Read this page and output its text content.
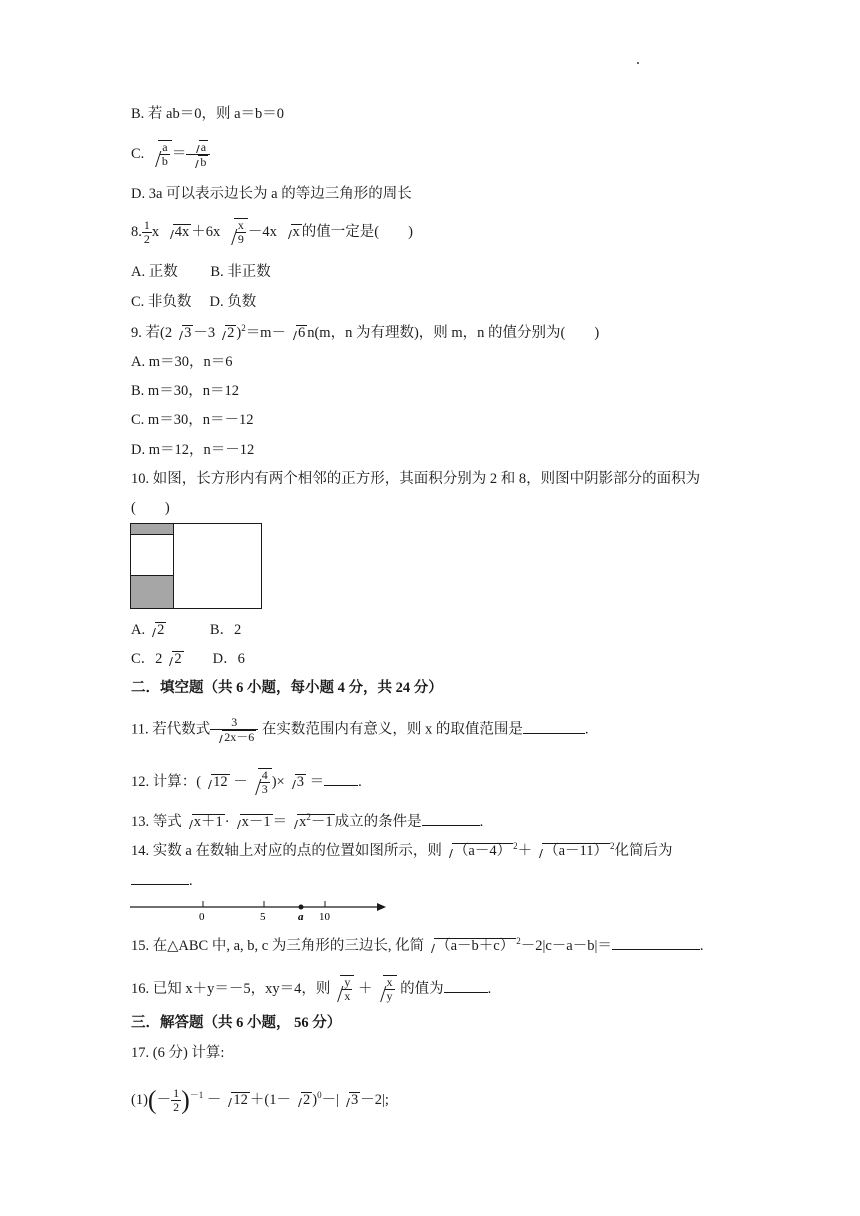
B. 若 ab＝0，则 a＝b＝0
C. $\frac{a}{b} = \frac{a}{b}$
D. 3a 可以表示边长为 a 的等边三角形的周长
8. $\frac{1}{2}$ x $4x +6x \frac{x}{9} -4x$ x 的值一定是(　　)
A. 正数　　 B. 非正数
C. 非负数　 D. 负数
9. 若(2 3 －3 2 )$^2$＝m－ 6 n(m，n 为有理数)，则 m，n 的值分别为(　　)
A. m＝30，n＝6
B. m＝30，n＝12
C. m＝30，n＝－12
D. m＝12，n＝－12
10. 如图，长方形内有两个相邻的正方形，其面积分别为 2 和 8，则图中阴影部分的面积为
(　　)
A. 2　　　B．2
C．2 2　　D．6
二．填空题（共 6 小题，每小题 4 分，共 24 分）
11. 若代数式 $\frac{3}{2x-6}$ 在实数范围内有意义，则 x 的取值范围是	.
12. 计算：( $12 - \frac{4}{3}$ )× 3 ＝ .
13. 等式 $x+1 \cdot x-1 = x^2-1$ 成立的条件是	.
14. 实数 a 在数轴上对应的点的位置如图所示，则 （a－4） $^2$＋ （a－11） $^2$化简后为
.
0	5	a 10
15. 在△ABC 中, a, b, c 为三角形的三边长, 化简 （a－b＋c） $^2$－2|c－a－b|＝	.
16. 已知 x＋y＝－5，xy＝4，则 $\frac{y}{x} + \frac{x}{y}$ 的值为	.
三．解答题（共 6 小题， 56 分）
17. (6 分) 计算:
$(1)(- \frac{1}{2} )^{-1} - 12 +(1- 2$ )$^0$－| 3 －2|;
